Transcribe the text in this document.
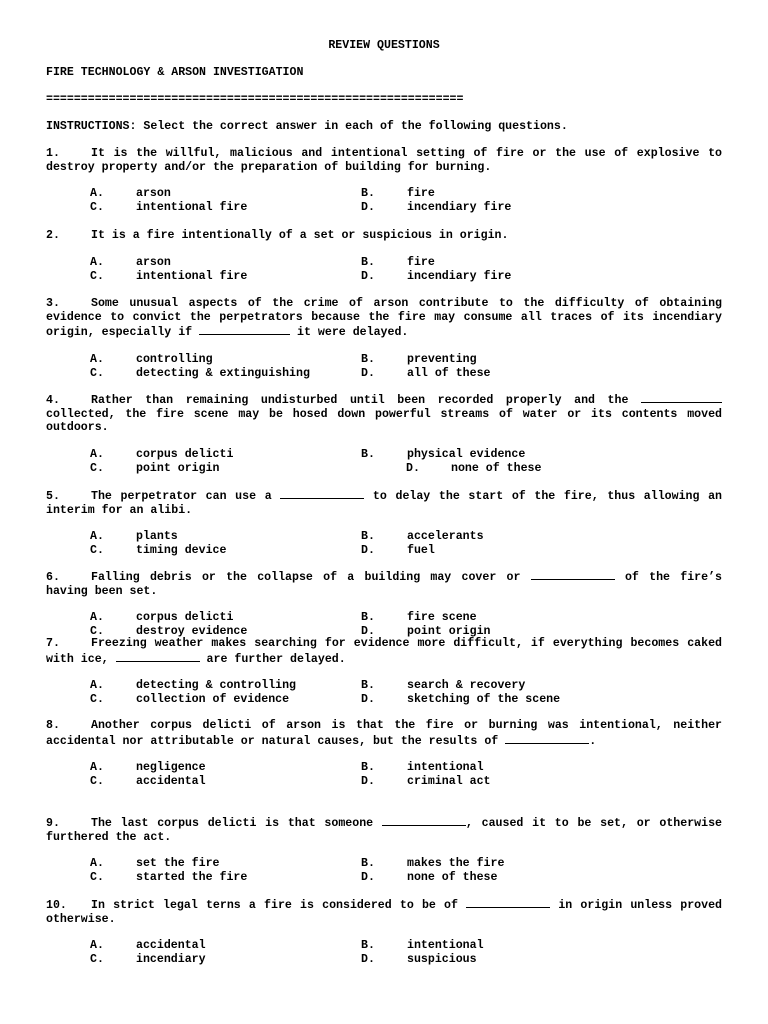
REVIEW QUESTIONS
FIRE TECHNOLOGY & ARSON INVESTIGATION
============================================================
INSTRUCTIONS: Select the correct answer in each of the following questions.
1.	It is the willful, malicious and intentional setting of fire or the use of explosive to destroy property and/or the preparation of building for burning.
A.	arson	B.	fire
C.	intentional fire	D.	incendiary fire
2.	It is a fire intentionally of a set or suspicious in origin.
A.	arson	B.	fire
C.	intentional fire	D.	incendiary fire
3.	Some unusual aspects of the crime of arson contribute to the difficulty of obtaining evidence to convict the perpetrators because the fire may consume all traces of its incendiary origin, especially if	it were delayed.
A.	controlling	B.	preventing
C.	detecting & extinguishing	D.	all of these
4.	Rather than remaining undisturbed until been recorded properly and the  collected, the fire scene may be hosed down powerful streams of water or its contents moved outdoors.
A.	corpus delicti	B.	physical evidence
C.	point origin	D.	none of these
5.	The perpetrator can use a	to delay the start of the fire, thus allowing an interim for an alibi.
A.	plants	B.	accelerants
C.	timing device	D.	fuel
6.	Falling debris or the collapse of a building may cover or	of the fire’s having been set.
A.	corpus delicti	B.	fire scene
C.	destroy evidence	D.	point origin
7.	Freezing weather makes searching for evidence more difficult, if everything becomes caked with ice,	are further delayed.
A.	detecting & controlling	B.	search & recovery
C.	collection of evidence	D.	sketching of the scene
8.	Another corpus delicti of arson is that the fire or burning was intentional, neither accidental nor attributable or natural causes, but the results of	.
A.	negligence	B.	intentional
C.	accidental	D.	criminal act
9.	The last corpus delicti is that someone	, caused it to be set, or otherwise furthered the act.
A.	set the fire	B.	makes the fire
C.	started the fire	D.	none of these
10. In strict legal terns a fire is considered to be of	in origin unless proved otherwise.
A.	accidental	B.	intentional
C.	incendiary	D.	suspicious
